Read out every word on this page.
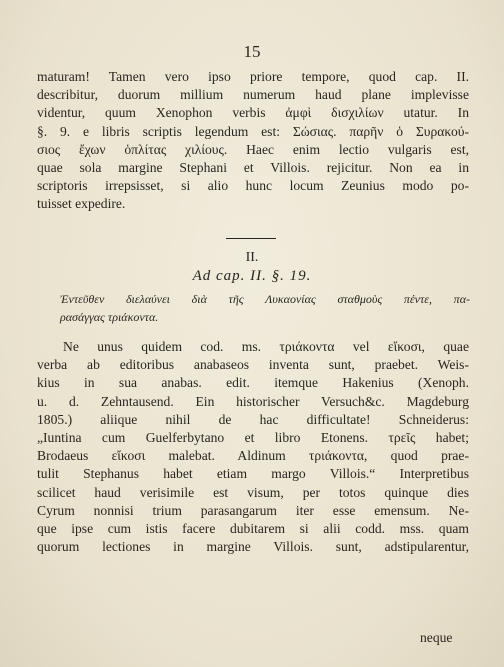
15
maturam! Tamen vero ipso priore tempore, quod cap. II.
describitur, duorum millium numerum haud plane implevisse
videntur, quum Xenophon verbis ἀμφὶ δισχιλίων utatur. In
§. 9. e libris scriptis legendum est: Σώσιας. παρῆν ὁ Συρακού-
σιος ἔχων ὁπλίτας χιλίους. Haec enim lectio vulgaris est,
quae sola margine Stephani et Villois. rejicitur. Non ea in
scriptoris irrepsisset, si alio hunc locum Zeunius modo po-
tuisset expedire.
II.
Ad cap. II. §. 19.
Ἐντεῦθεν διελαύνει διὰ τῆς Λυκαονίας σταθμοὺς πέντε, πα-
ρασάγγας τριάκοντα.
Ne unus quidem cod. ms. τριάκοντα vel εἴκοσι, quae
verba ab editoribus anabaseos inventa sunt, praebet. Weis-
kius in sua anabas. edit. itemque Hakenius (Xenoph.
u. d. Zehntausend. Ein historischer Versuch&c. Magdeburg
1805.) aliique nihil de hac difficultate! Schneiderus:
„Iuntina cum Guelferbytano et libro Etonens. τρεῖς habet;
Brodaeus εἴκοσι malebat. Aldinum τριάκοντα, quod prae-
tulit Stephanus habet etiam margo Villois.“ Interpretibus
scilicet haud verisimile est visum, per totos quinque dies
Cyrum nonnisi trium parasangarum iter esse emensum. Ne-
que ipse cum istis facere dubitarem si alii codd. mss. quam
quorum lectiones in margine Villois. sunt, adstipularentur,
neque
